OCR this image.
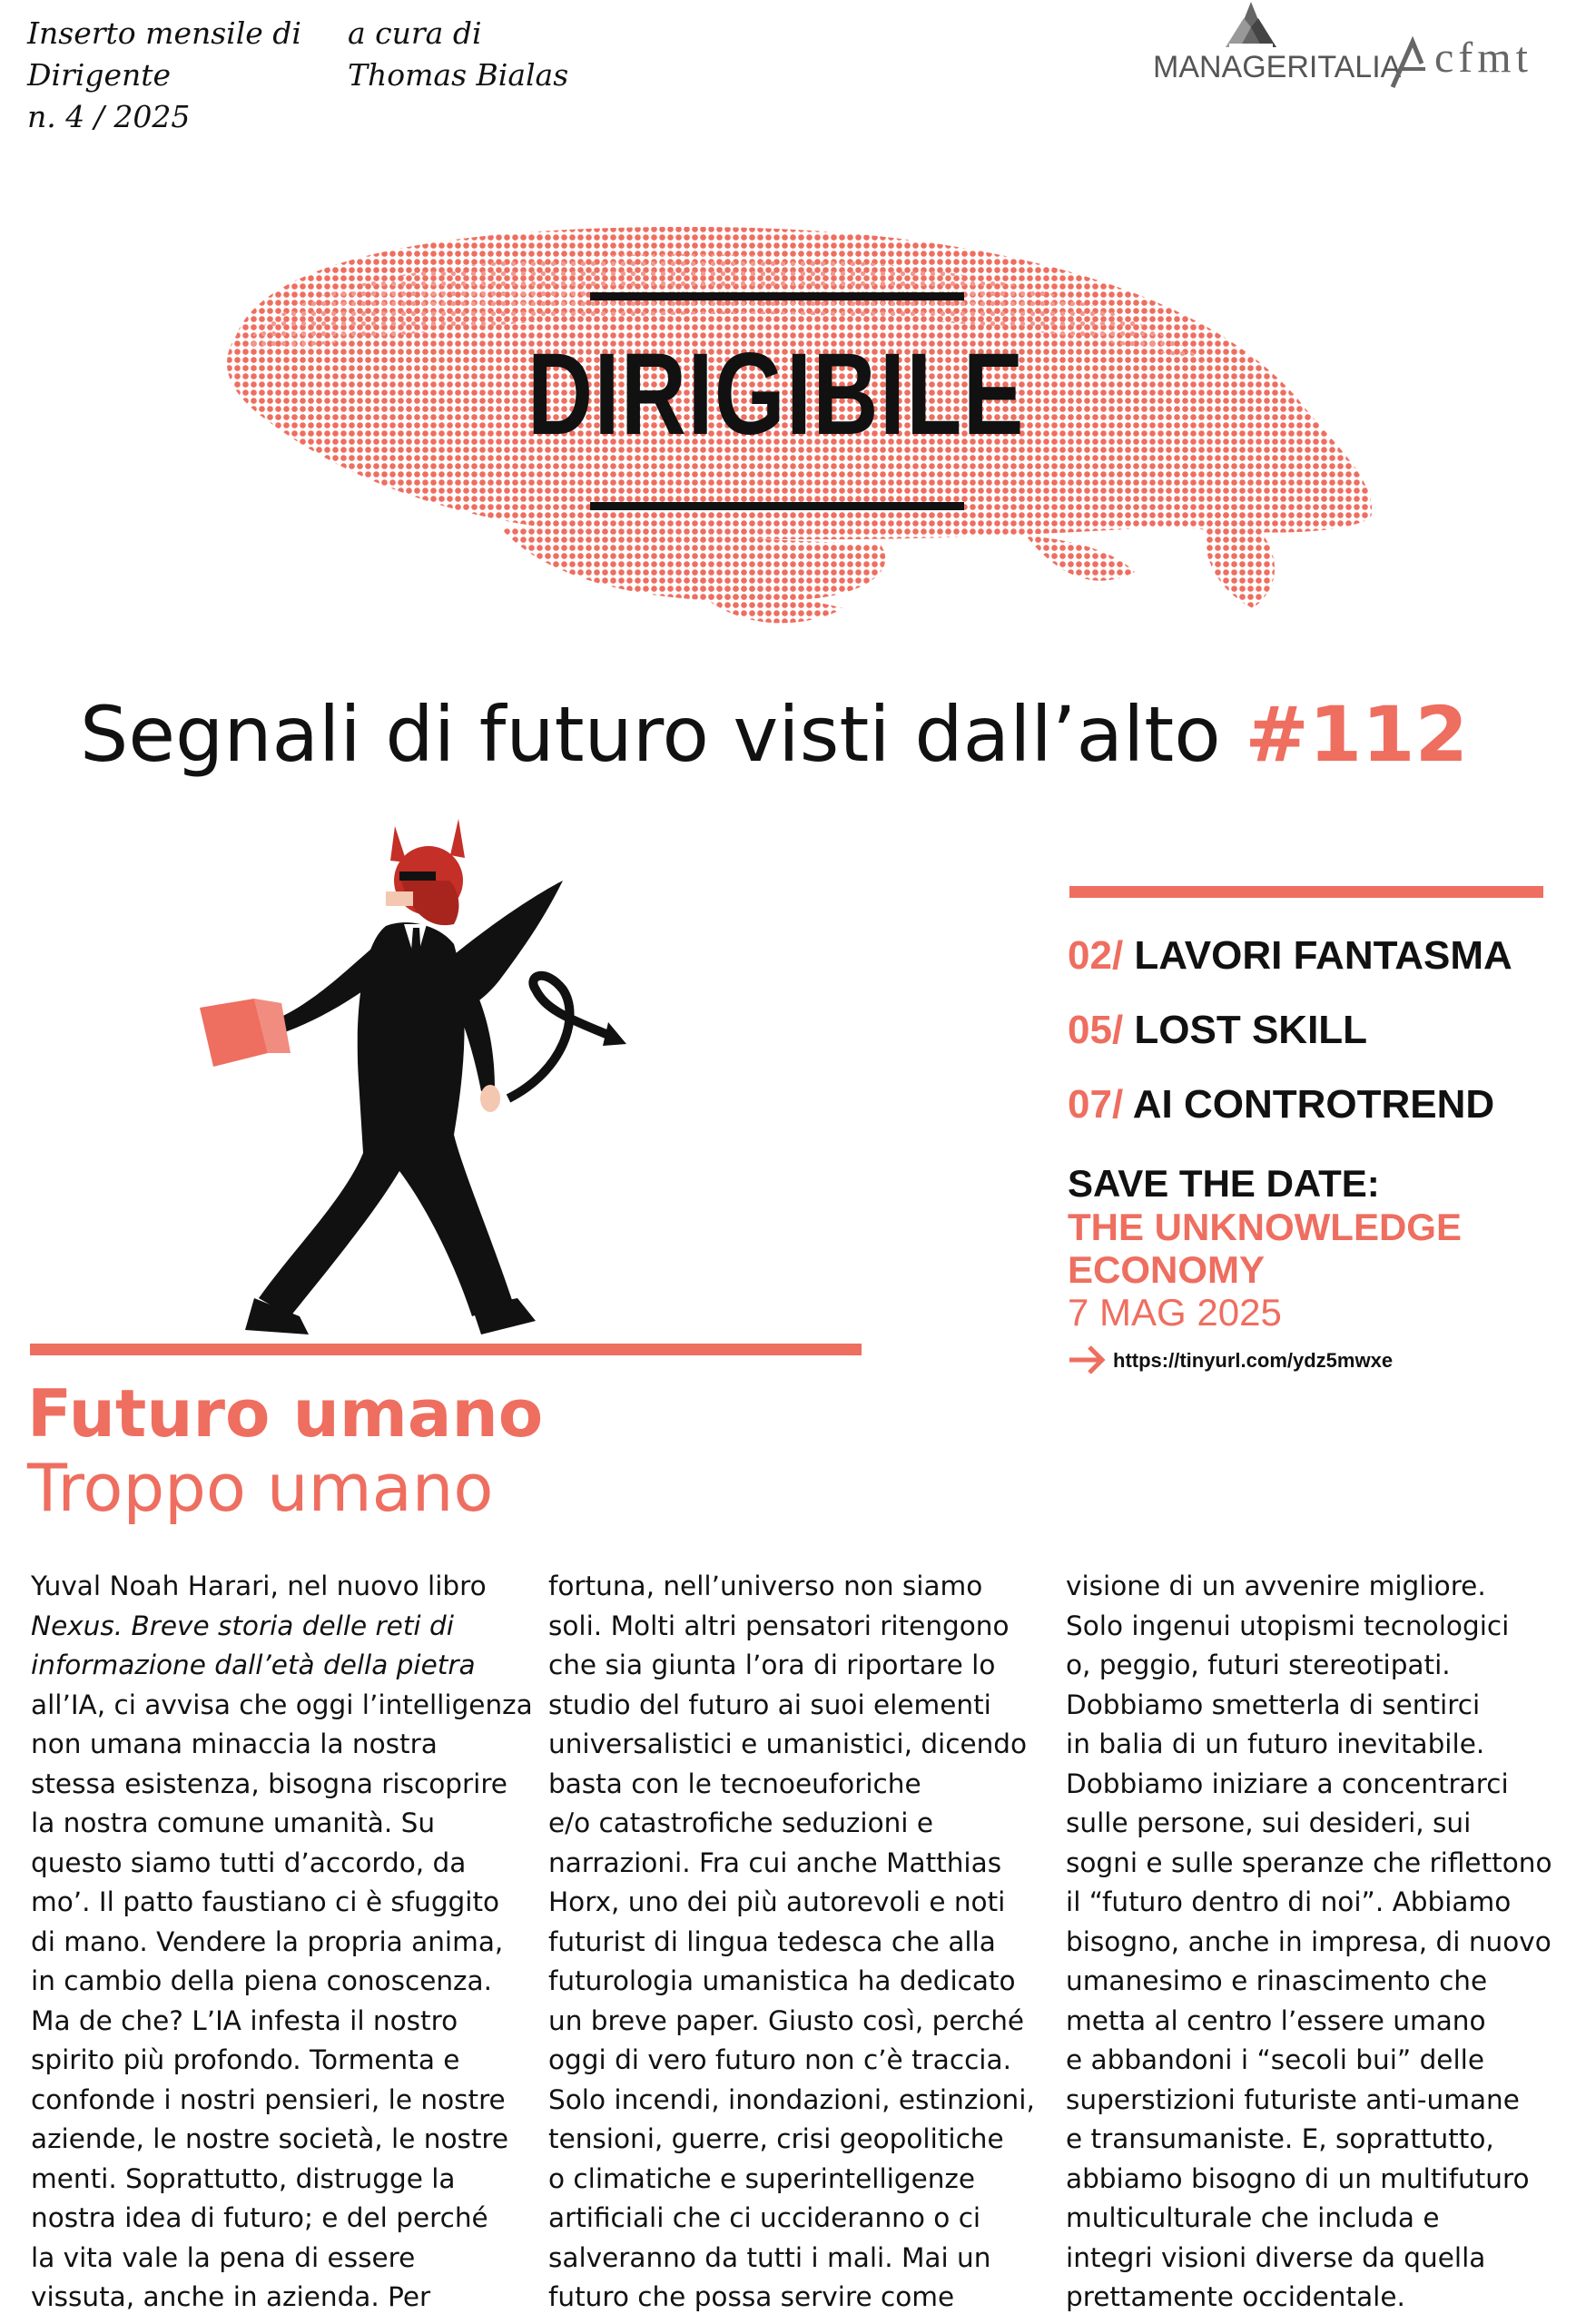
Inserto mensile di
Dirigente
n. 4 / 2025
a cura di
Thomas Bialas	MANAGERITALIA cfmt
DIRIGIBILE
Segnali di futuro visti dall’alto #112
02/ LAVORI FANTASMA
05/ LOST SKILL
07/ AI CONTROTREND
SAVE THE DATE:
THE UNKNOWLEDGE
ECONOMY
7 MAG 2025
https://tinyurl.com/ydz5mwxe
Futuro umano
Troppo umano

Yuval Noah Harari, nel nuovo libro

Nexus. Breve storia delle reti di

informazione dall’età della pietra

all’IA, ci avvisa che oggi l’intelligenza

non umana minaccia la nostra

stessa esistenza, bisogna riscoprire

la nostra comune umanità. Su

questo siamo tutti d’accordo, da

mo’. Il patto faustiano ci è sfuggito

di mano. Vendere la propria anima,

in cambio della piena conoscenza.

Ma de che? L’IA infesta il nostro

spirito più profondo. Tormenta e

confonde i nostri pensieri, le nostre

aziende, le nostre società, le nostre

menti. Soprattutto, distrugge la

nostra idea di futuro; e del perché

la vita vale la pena di essere

vissuta, anche in azienda. Per

fortuna, nell’universo non siamo

soli. Molti altri pensatori ritengono

che sia giunta l’ora di riportare lo

studio del futuro ai suoi elementi

universalistici e umanistici, dicendo

basta con le tecnoeuforiche

e/o catastrofiche seduzioni e

narrazioni. Fra cui anche Matthias

Horx, uno dei più autorevoli e noti

futurist di lingua tedesca che alla

futurologia umanistica ha dedicato

un breve paper. Giusto così, perché

oggi di vero futuro non c’è traccia.

Solo incendi, inondazioni, estinzioni,

tensioni, guerre, crisi geopolitiche

o climatiche e superintelligenze

artificiali che ci uccideranno o ci

salveranno da tutti i mali. Mai un

futuro che possa servire come

visione di un avvenire migliore.

Solo ingenui utopismi tecnologici

o, peggio, futuri stereotipati.

Dobbiamo smetterla di sentirci

in balia di un futuro inevitabile.

Dobbiamo iniziare a concentrarci

sulle persone, sui desideri, sui

sogni e sulle speranze che riflettono

il “futuro dentro di noi”. Abbiamo

bisogno, anche in impresa, di nuovo

umanesimo e rinascimento che

metta al centro l’essere umano

e abbandoni i “secoli bui” delle

superstizioni futuriste anti-umane

e transumaniste. E, soprattutto,

abbiamo bisogno di un multifuturo

multiculturale che includa e

integri visioni diverse da quella

prettamente occidentale.
